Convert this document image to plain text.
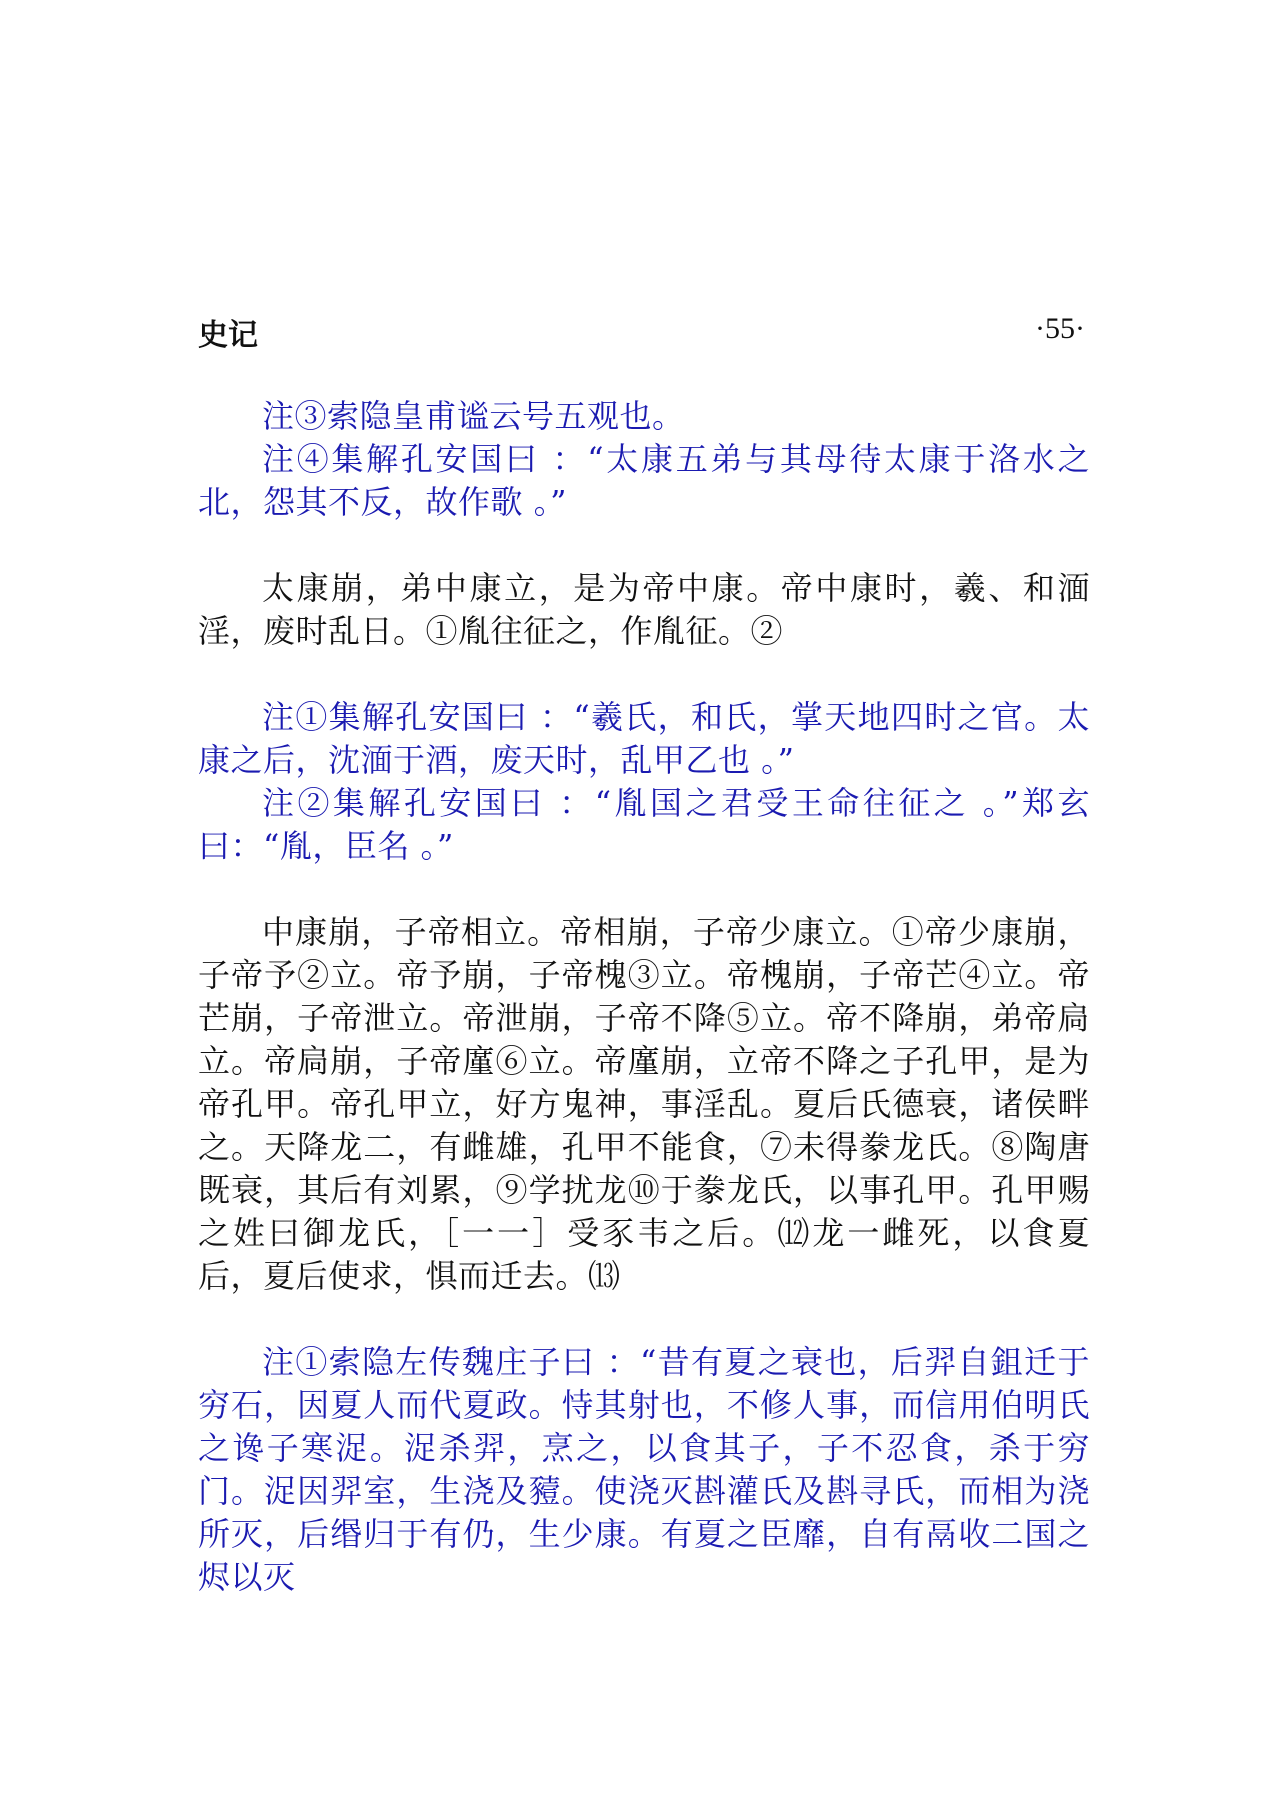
史记	·55·

注③索隐皇甫谧云号五观也。

注④集解孔安国曰 ：“太康五弟与其母待太康于洛水之北，怨其不反，故作歌 。”

太康崩，弟中康立，是为帝中康。帝中康时，羲、和湎淫，废时乱日。①胤往征之，作胤征。②

注①集解孔安国曰 ：“羲氏，和氏，掌天地四时之官。太康之后，沈湎于酒，废天时，乱甲乙也 。”

注②集解孔安国曰 ：“胤国之君受王命往征之 。”郑玄曰：“胤，臣名 。”

中康崩，子帝相立。帝相崩，子帝少康立。①帝少康崩，子帝予②立。帝予崩，子帝槐③立。帝槐崩，子帝芒④立。帝芒崩，子帝泄立。帝泄崩，子帝不降⑤立。帝不降崩，弟帝扃立。帝扃崩，子帝廑⑥立。帝廑崩，立帝不降之子孔甲，是为帝孔甲。帝孔甲立，好方鬼神，事淫乱。夏后氏德衰，诸侯畔之。天降龙二，有雌雄，孔甲不能食，⑦未得豢龙氏。⑧陶唐既衰，其后有刘累，⑨学扰龙⑩于豢龙氏，以事孔甲。孔甲赐之姓曰御龙氏，［一一］受豕韦之后。⑿龙一雌死，以食夏后，夏后使求，惧而迁去。⒀

注①索隐左传魏庄子曰 ：“昔有夏之衰也，后羿自鉏迁于穷石，因夏人而代夏政。恃其射也，不修人事，而信用伯明氏之谗子寒浞。浞杀羿，烹之，以食其子，子不忍食，杀于穷门。浞因羿室，生浇及豷。使浇灭斟灌氏及斟寻氏，而相为浇所灭，后缗归于有仍，生少康。有夏之臣靡，自有鬲收二国之烬以灭
